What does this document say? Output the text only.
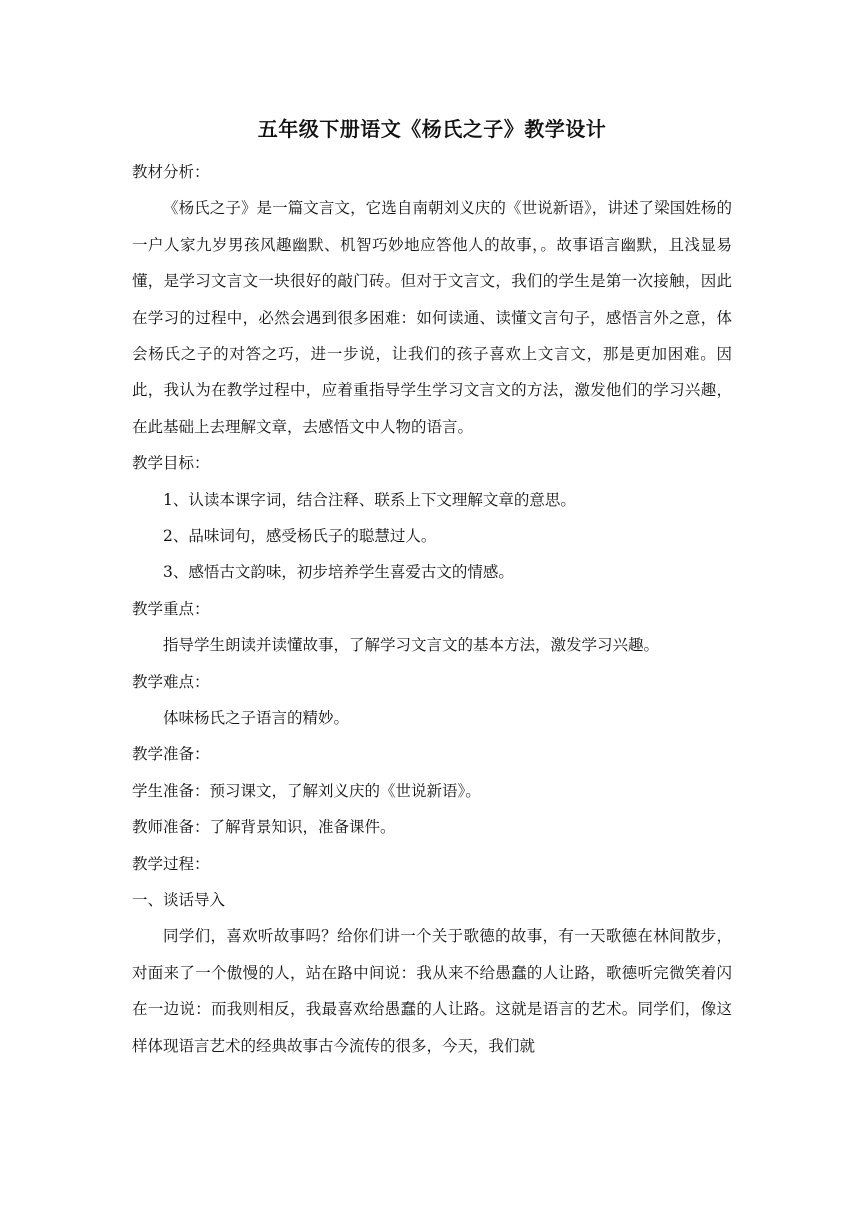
五年级下册语文《杨氏之子》教学设计
教材分析：
《杨氏之子》是一篇文言文，它选自南朝刘义庆的《世说新语》，讲述了梁国姓杨的一户人家九岁男孩风趣幽默、机智巧妙地应答他人的故事，。故事语言幽默，且浅显易懂，是学习文言文一块很好的敲门砖。但对于文言文，我们的学生是第一次接触，因此在学习的过程中，必然会遇到很多困难：如何读通、读懂文言句子，感悟言外之意，体会杨氏之子的对答之巧，进一步说，让我们的孩子喜欢上文言文，那是更加困难。因此，我认为在教学过程中，应着重指导学生学习文言文的方法，激发他们的学习兴趣，在此基础上去理解文章，去感悟文中人物的语言。
教学目标：
1、认读本课字词，结合注释、联系上下文理解文章的意思。
2、品味词句，感受杨氏子的聪慧过人。
3、感悟古文韵味，初步培养学生喜爱古文的情感。
教学重点：
指导学生朗读并读懂故事，了解学习文言文的基本方法，激发学习兴趣。
教学难点：
体味杨氏之子语言的精妙。
教学准备：
学生准备：预习课文，了解刘义庆的《世说新语》。
教师准备：了解背景知识，准备课件。
教学过程：
一、谈话导入
同学们，喜欢听故事吗？给你们讲一个关于歌德的故事，有一天歌德在林间散步，对面来了一个傲慢的人，站在路中间说：我从来不给愚蠢的人让路，歌德听完微笑着闪在一边说：而我则相反，我最喜欢给愚蠢的人让路。这就是语言的艺术。同学们，像这样体现语言艺术的经典故事古今流传的很多，今天，我们就
